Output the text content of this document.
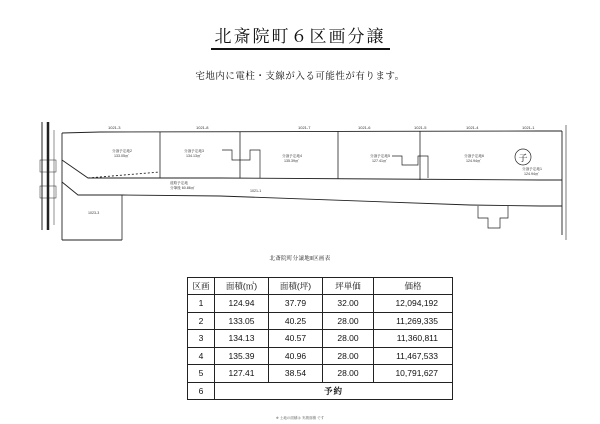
北斎院町６区画分譲
宅地内に電柱・支線が入る可能性が有ります。
1021-3	1021-8	1021-7	1021-6	1021-5	1021-4	1021-1
分譲予定地2
133.05㎡
分譲予定地3
134.13㎡	分譲予定地4
135.39㎡
分譲予定地5
127.41㎡
分譲予定地6
124.94㎡
分譲予定地1
124.94㎡
道路予定地
分筆後 60.86㎡
1021-1
1023-3
子
北斎院町分譲地Ⅱ区画表
区画	面積(㎡)	面積(坪)	坪単価	価格
1	124.94	37.79	32.00	12,094,192
2	133.05	40.25	28.00	11,269,335
3	134.13	40.57	28.00	11,360,811
4	135.39	40.96	28.00	11,467,533
5	127.41	38.54	28.00	10,791,627
6	予約			
※ 土地の面積は 実測面積 です
